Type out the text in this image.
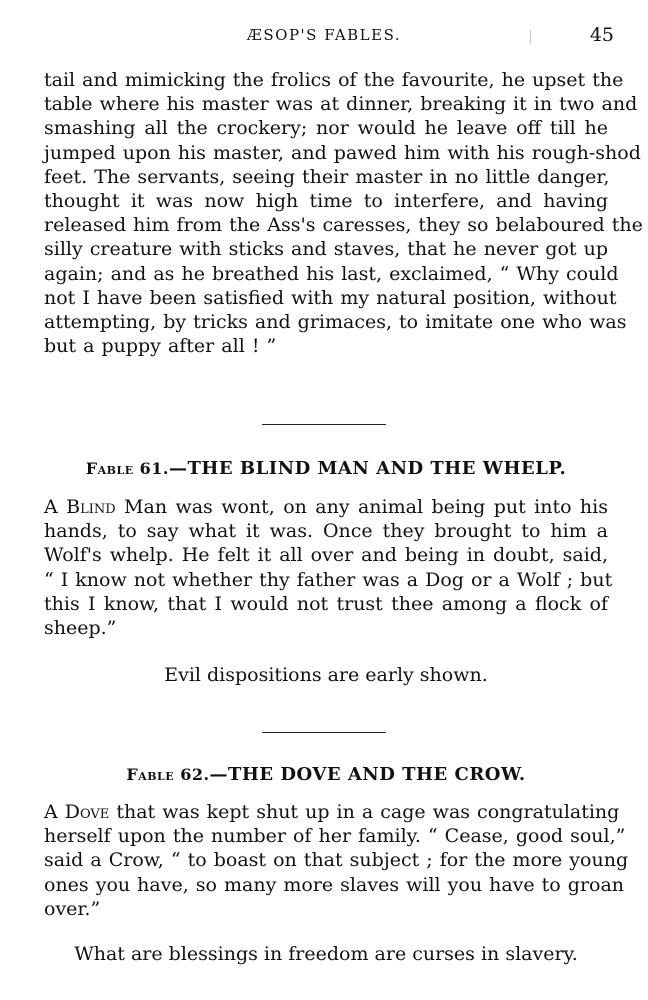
ÆSOP'S FABLES.	45

tail and mimicking the frolics of the favourite, he upset the
table where his master was at dinner, breaking it in two and
smashing all the crockery; nor would he leave off till he
jumped upon his master, and pawed him with his rough-shod
feet. The servants, seeing their master in no little danger,
thought it was now high time to interfere, and having
released him from the Ass's caresses, they so belaboured the
silly creature with sticks and staves, that he never got up
again; and as he breathed his last, exclaimed, “ Why could
not I have been satisfied with my natural position, without
attempting, by tricks and grimaces, to imitate one who was
but a puppy after all ! ”

Fable 61.—THE BLIND MAN AND THE WHELP.

A Blind Man was wont, on any animal being put into his
hands, to say what it was. Once they brought to him a
Wolf's whelp. He felt it all over and being in doubt, said,
“ I know not whether thy father was a Dog or a Wolf ; but
this I know, that I would not trust thee among a flock of
sheep.”

Evil dispositions are early shown.

Fable 62.—THE DOVE AND THE CROW.

A Dove that was kept shut up in a cage was congratulating
herself upon the number of her family. “ Cease, good soul,”
said a Crow, “ to boast on that subject ; for the more young
ones you have, so many more slaves will you have to groan
over.”

What are blessings in freedom are curses in slavery.
